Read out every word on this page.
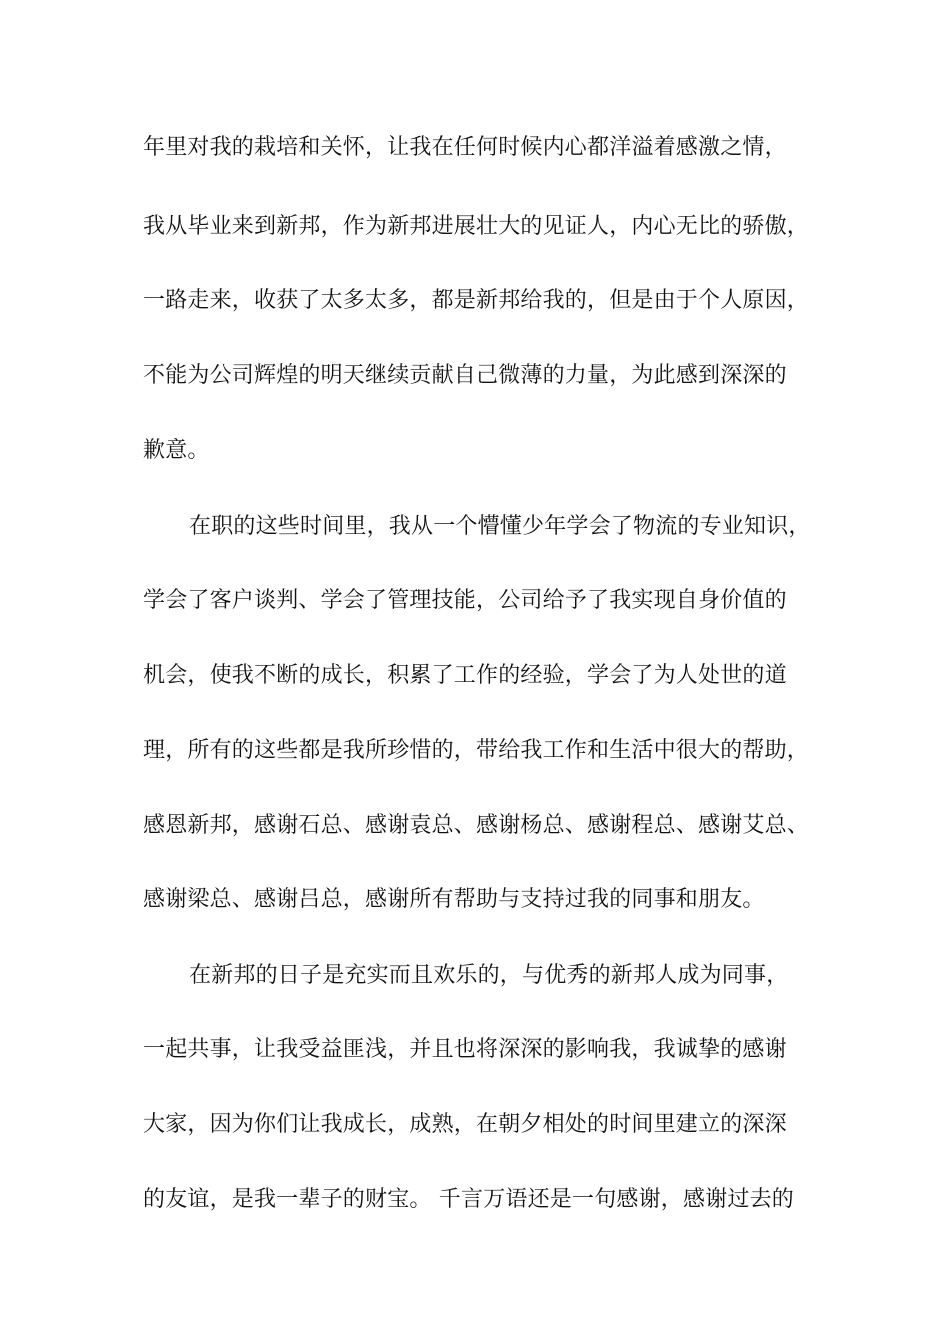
年里对我的栽培和关怀，让我在任何时候内心都洋溢着感激之情，
我从毕业来到新邦，作为新邦进展壮大的见证人，内心无比的骄傲，
一路走来，收获了太多太多，都是新邦给我的，但是由于个人原因，
不能为公司辉煌的明天继续贡献自己微薄的力量，为此感到深深的
歉意。
在职的这些时间里，我从一个懵懂少年学会了物流的专业知识，
学会了客户谈判、学会了管理技能，公司给予了我实现自身价值的
机会，使我不断的成长，积累了工作的经验，学会了为人处世的道
理，所有的这些都是我所珍惜的，带给我工作和生活中很大的帮助，
感恩新邦，感谢石总、感谢袁总、感谢杨总、感谢程总、感谢艾总、
感谢梁总、感谢吕总，感谢所有帮助与支持过我的同事和朋友。
在新邦的日子是充实而且欢乐的，与优秀的新邦人成为同事，
一起共事，让我受益匪浅，并且也将深深的影响我，我诚挚的感谢
大家，因为你们让我成长，成熟，在朝夕相处的时间里建立的深深
的友谊，是我一辈子的财宝。 千言万语还是一句感谢，感谢过去的
